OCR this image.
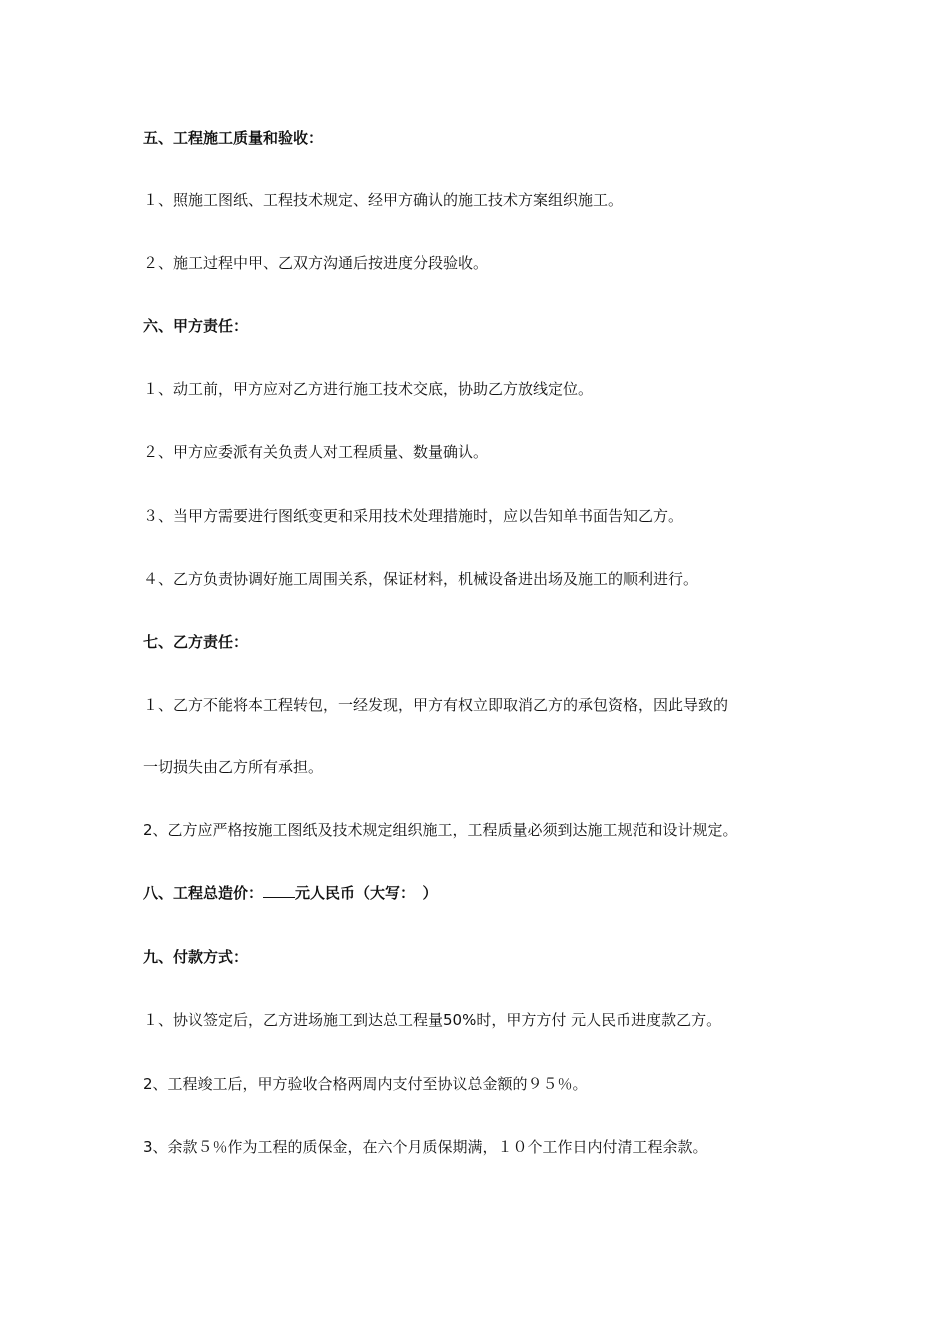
五、工程施工质量和验收：
１、照施工图纸、工程技术规定、经甲方确认的施工技术方案组织施工。
２、施工过程中甲、乙双方沟通后按进度分段验收。
六、甲方责任：
１、动工前，甲方应对乙方进行施工技术交底，协助乙方放线定位。
２、甲方应委派有关负责人对工程质量、数量确认。
３、当甲方需要进行图纸变更和采用技术处理措施时，应以告知单书面告知乙方。
４、乙方负责协调好施工周围关系，保证材料，机械设备进出场及施工的顺利进行。
七、乙方责任：
１、乙方不能将本工程转包，一经发现，甲方有权立即取消乙方的承包资格，因此导致的
一切损失由乙方所有承担。
2、乙方应严格按施工图纸及技术规定组织施工，工程质量必须到达施工规范和设计规定。
八、工程总造价： 元人民币（大写：　）
九、付款方式：
１、协议签定后，乙方进场施工到达总工程量50%时，甲方方付 元人民币进度款乙方。
2、工程竣工后，甲方验收合格两周内支付至协议总金额的９５％。
3、余款５％作为工程的质保金，在六个月质保期满，１０个工作日内付清工程余款。
